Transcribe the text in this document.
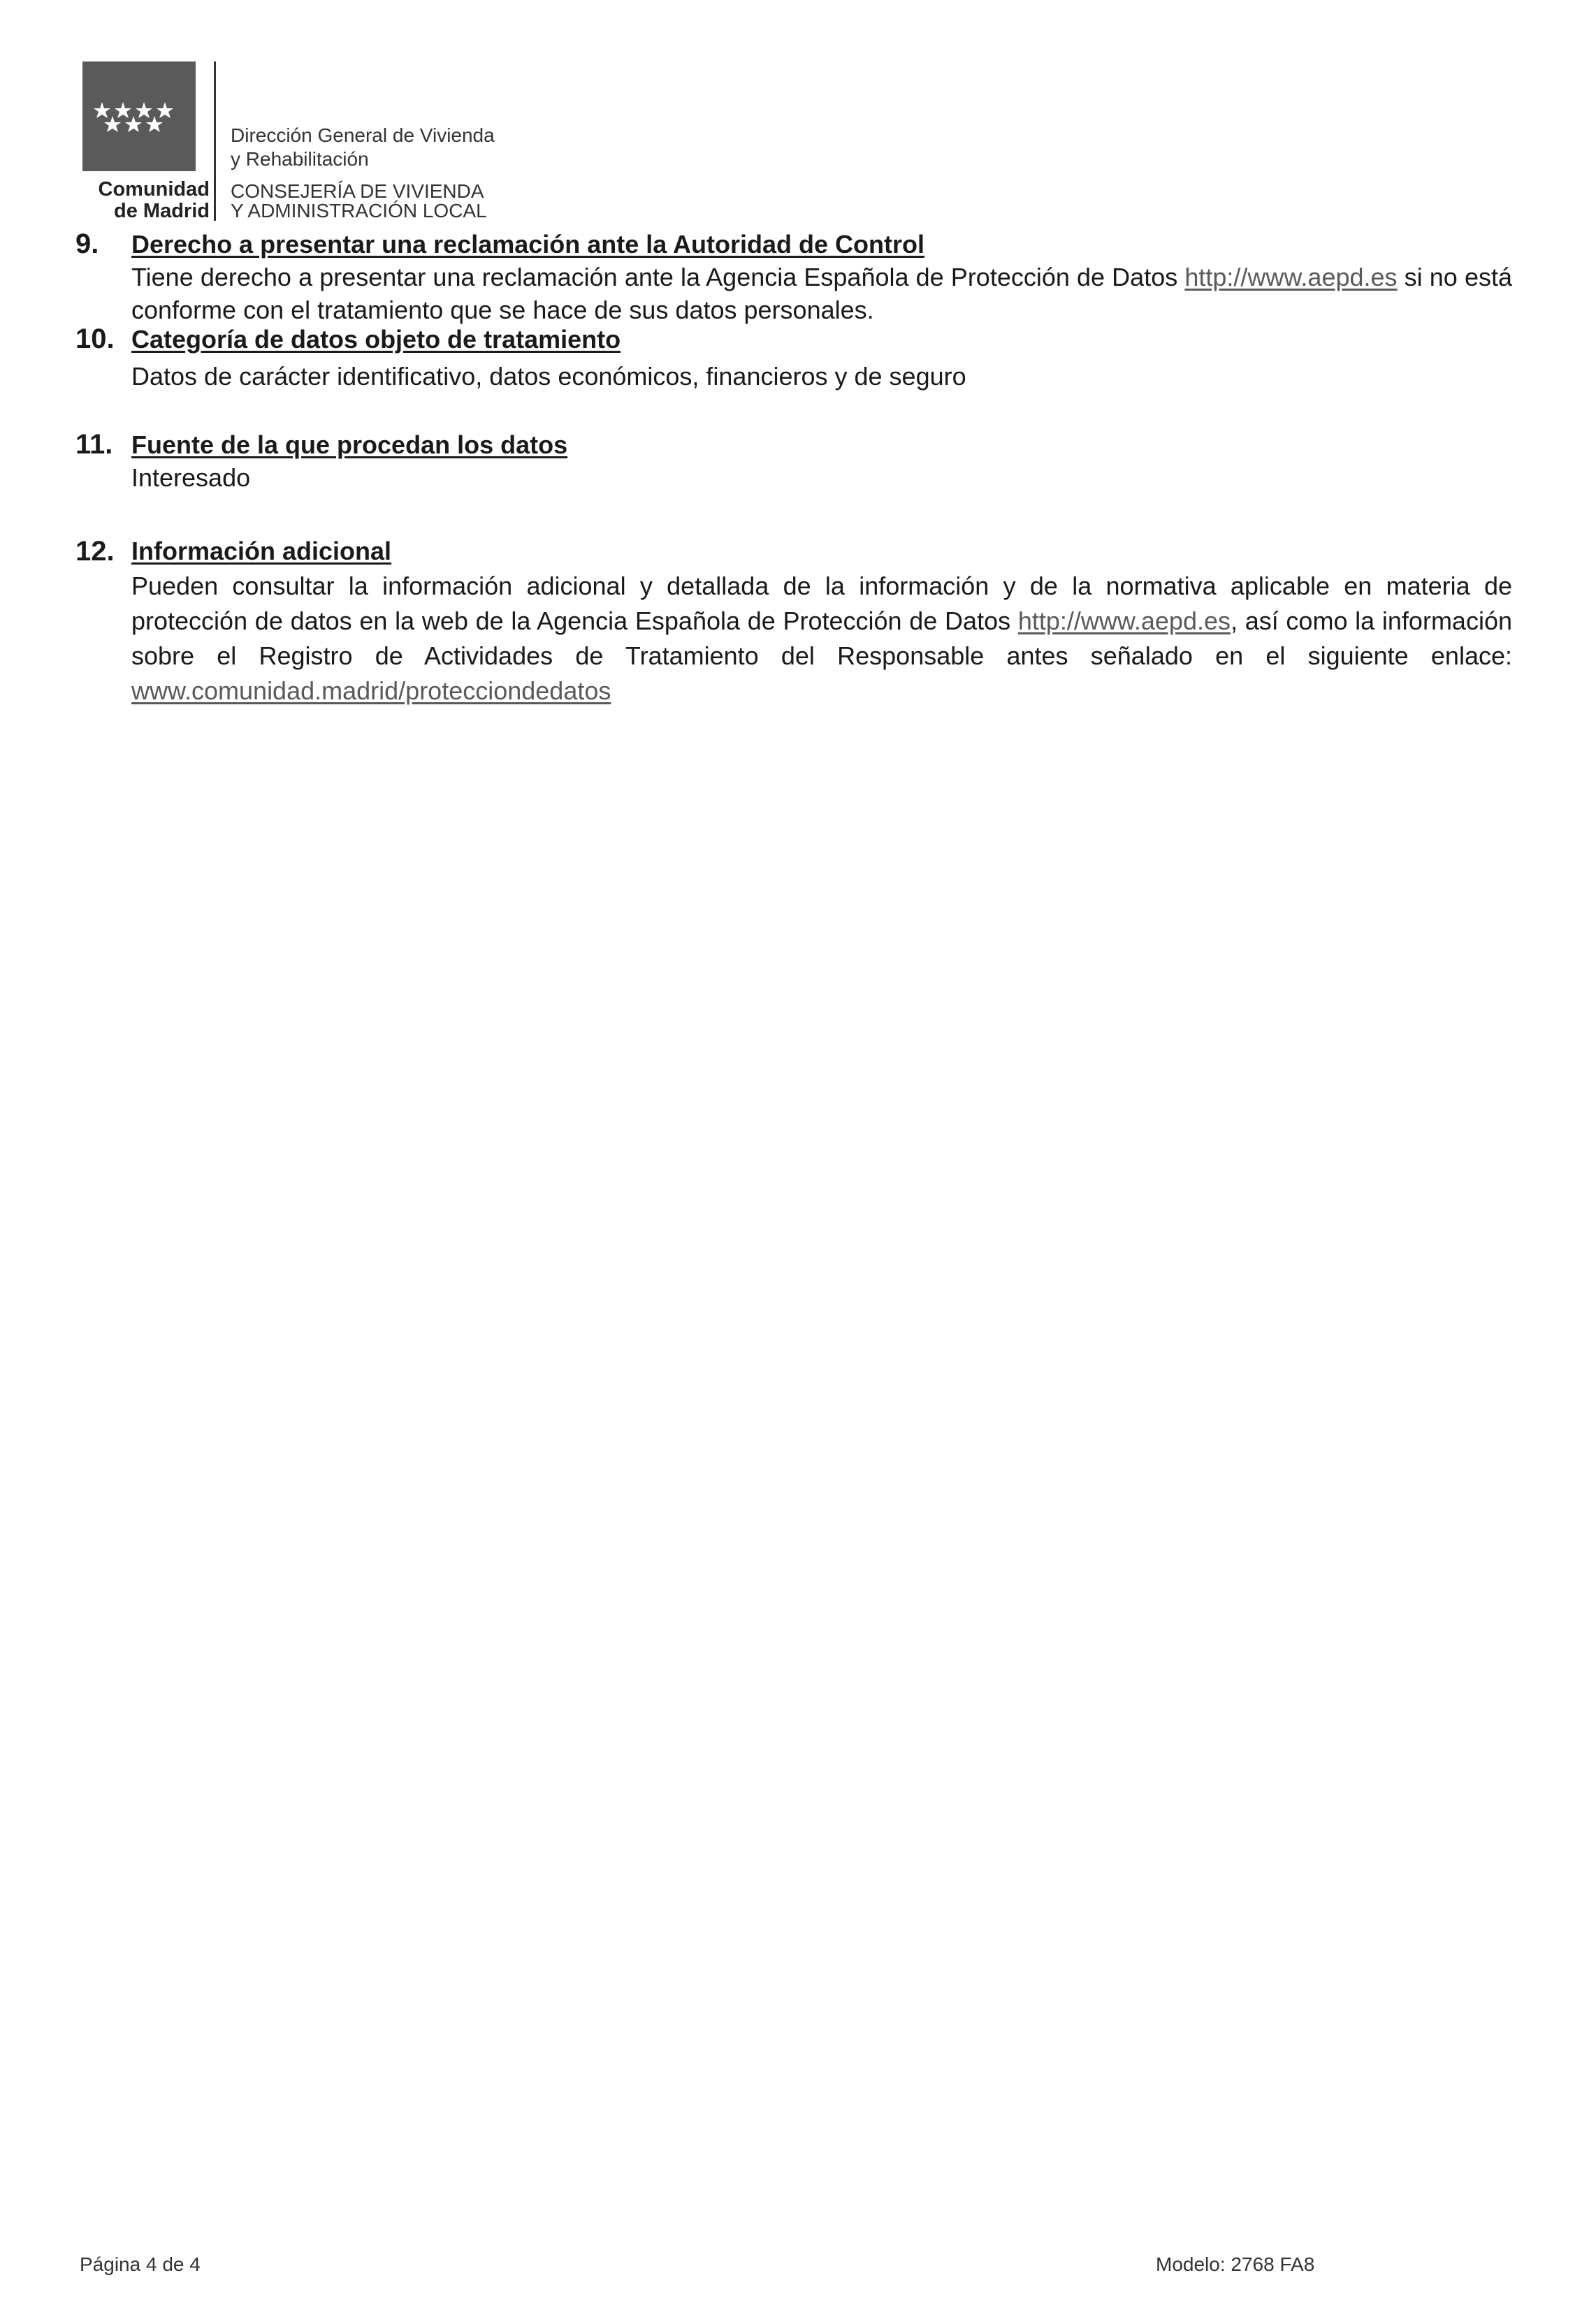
Comunidad
de Madrid
Dirección General de Vivienda
y Rehabilitación
CONSEJERÍA DE VIVIENDA
Y ADMINISTRACIÓN LOCAL
9. Derecho a presentar una reclamación ante la Autoridad de Control
Tiene derecho a presentar una reclamación ante la Agencia Española de Protección de Datos http://www.aepd.es si no está conforme con el tratamiento que se hace de sus datos personales.
10. Categoría de datos objeto de tratamiento
Datos de carácter identificativo, datos económicos, financieros y de seguro
11. Fuente de la que procedan los datos
Interesado
12. Información adicional
Pueden consultar la información adicional y detallada de la información y de la normativa aplicable en materia de protección de datos en la web de la Agencia Española de Protección de Datos http://www.aepd.es, así como la información sobre el Registro de Actividades de Tratamiento del Responsable antes señalado en el siguiente enlace: www.comunidad.madrid/protecciondedatos
Página 4 de 4	Modelo: 2768 FA8
